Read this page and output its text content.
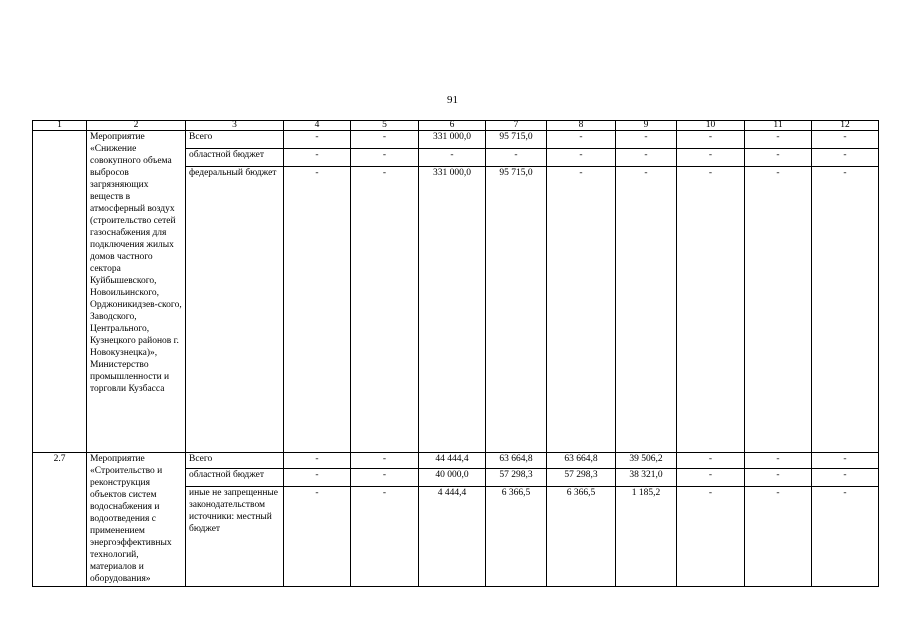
91
1	2	3	4	5	6	7	8	9	10	11	12
	Мероприятие «Снижение совокупного объема выбросов загрязняющих веществ в атмосферный воздух (строительство сетей газоснабжения для подключения жилых домов частного сектора Куйбышевского, Новоильинского, Орджоникидзев-ского, Заводского, Центрального, Кузнецкого районов г. Новокузнецка)», Министерство промышленности и торговли Кузбасса	Всего	-	-	331 000,0	95 715,0	-	-	-	-	-
		областной бюджет	-	-	-	-	-	-	-	-	-
		федеральный бюджет	-	-	331 000,0	95 715,0	-	-	-	-	-
2.7	Мероприятие «Строительство и реконструкция объектов систем водоснабжения и водоотведения с применением энергоэффективных технологий, материалов и оборудования»	Всего	-	-	44 444,4	63 664,8	63 664,8	39 506,2	-	-	-
		областной бюджет	-	-	40 000,0	57 298,3	57 298,3	38 321,0	-	-	-
		иные не запрещенные законодательством источники: местный бюджет	-	-	4 444,4	6 366,5	6 366,5	1 185,2	-	-	-
